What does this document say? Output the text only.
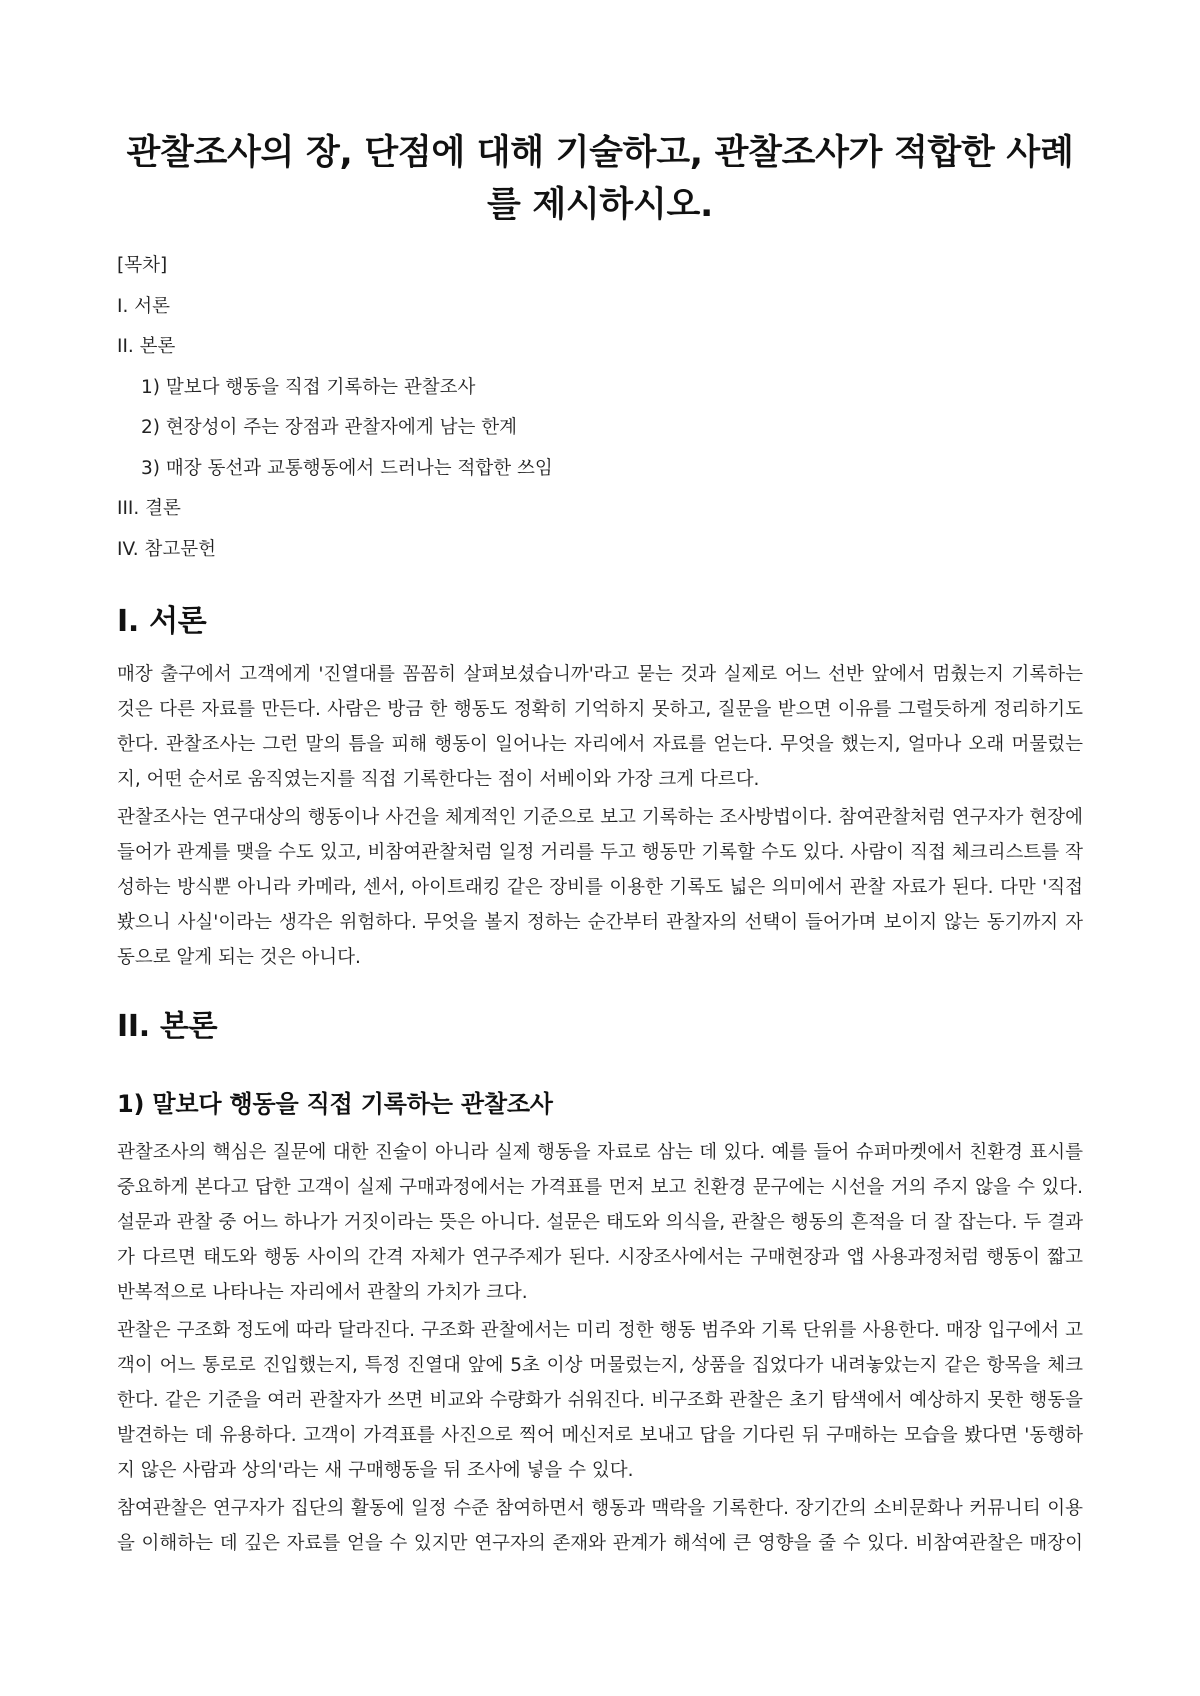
관찰조사의 장, 단점에 대해 기술하고, 관찰조사가 적합한 사례를 제시하시오.
[목차]
I. 서론
II. 본론
1) 말보다 행동을 직접 기록하는 관찰조사
2) 현장성이 주는 장점과 관찰자에게 남는 한계
3) 매장 동선과 교통행동에서 드러나는 적합한 쓰임
III. 결론
IV. 참고문헌
I. 서론

매장 출구에서 고객에게 '진열대를 꼼꼼히 살펴보셨습니까'라고 묻는 것과 실제로 어느 선반 앞에서 멈췄는지 기록하는 것은 다른 자료를 만든다. 사람은 방금 한 행동도 정확히 기억하지 못하고, 질문을 받으면 이유를 그럴듯하게 정리하기도 한다. 관찰조사는 그런 말의 틈을 피해 행동이 일어나는 자리에서 자료를 얻는다. 무엇을 했는지, 얼마나 오래 머물렀는지, 어떤 순서로 움직였는지를 직접 기록한다는 점이 서베이와 가장 크게 다르다.

관찰조사는 연구대상의 행동이나 사건을 체계적인 기준으로 보고 기록하는 조사방법이다. 참여관찰처럼 연구자가 현장에 들어가 관계를 맺을 수도 있고, 비참여관찰처럼 일정 거리를 두고 행동만 기록할 수도 있다. 사람이 직접 체크리스트를 작성하는 방식뿐 아니라 카메라, 센서, 아이트래킹 같은 장비를 이용한 기록도 넓은 의미에서 관찰 자료가 된다. 다만 '직접 봤으니 사실'이라는 생각은 위험하다. 무엇을 볼지 정하는 순간부터 관찰자의 선택이 들어가며 보이지 않는 동기까지 자동으로 알게 되는 것은 아니다.

II. 본론
1) 말보다 행동을 직접 기록하는 관찰조사

관찰조사의 핵심은 질문에 대한 진술이 아니라 실제 행동을 자료로 삼는 데 있다. 예를 들어 슈퍼마켓에서 친환경 표시를 중요하게 본다고 답한 고객이 실제 구매과정에서는 가격표를 먼저 보고 친환경 문구에는 시선을 거의 주지 않을 수 있다. 설문과 관찰 중 어느 하나가 거짓이라는 뜻은 아니다. 설문은 태도와 의식을, 관찰은 행동의 흔적을 더 잘 잡는다. 두 결과가 다르면 태도와 행동 사이의 간격 자체가 연구주제가 된다. 시장조사에서는 구매현장과 앱 사용과정처럼 행동이 짧고 반복적으로 나타나는 자리에서 관찰의 가치가 크다.

관찰은 구조화 정도에 따라 달라진다. 구조화 관찰에서는 미리 정한 행동 범주와 기록 단위를 사용한다. 매장 입구에서 고객이 어느 통로로 진입했는지, 특정 진열대 앞에 5초 이상 머물렀는지, 상품을 집었다가 내려놓았는지 같은 항목을 체크한다. 같은 기준을 여러 관찰자가 쓰면 비교와 수량화가 쉬워진다. 비구조화 관찰은 초기 탐색에서 예상하지 못한 행동을 발견하는 데 유용하다. 고객이 가격표를 사진으로 찍어 메신저로 보내고 답을 기다린 뒤 구매하는 모습을 봤다면 '동행하지 않은 사람과 상의'라는 새 구매행동을 뒤 조사에 넣을 수 있다.

참여관찰은 연구자가 집단의 활동에 일정 수준 참여하면서 행동과 맥락을 기록한다. 장기간의 소비문화나 커뮤니티 이용을 이해하는 데 깊은 자료를 얻을 수 있지만 연구자의 존재와 관계가 해석에 큰 영향을 줄 수 있다. 비참여관찰은 매장이
